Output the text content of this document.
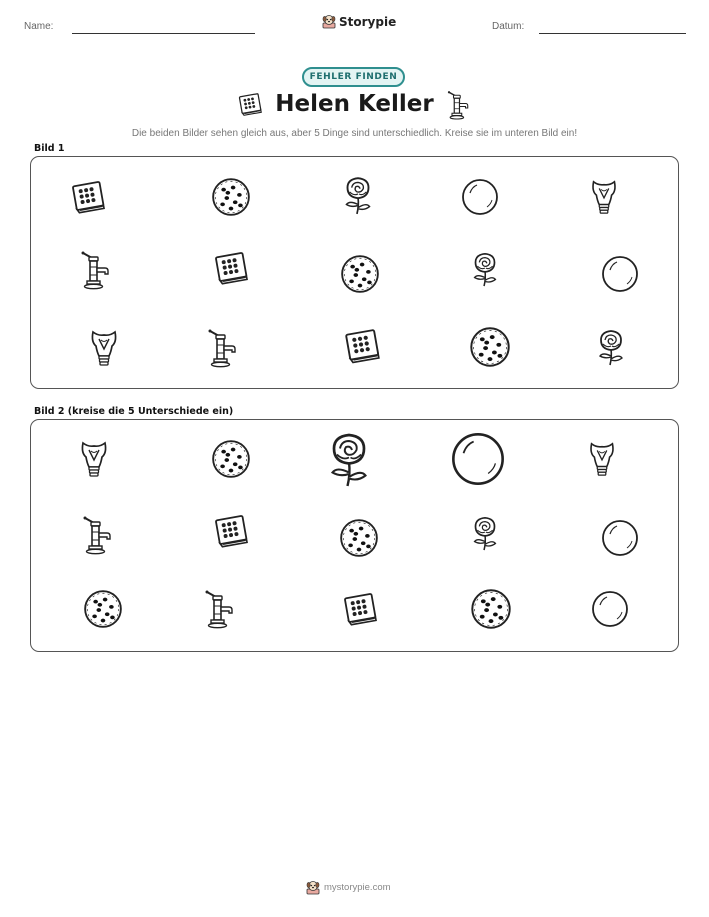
Name:	Datum:
Storypie
FEHLER FINDEN
Helen Keller
Die beiden Bilder sehen gleich aus, aber 5 Dinge sind unterschiedlich. Kreise sie im unteren Bild ein!
Bild 1
Bild 2 (kreise die 5 Unterschiede ein)
mystorypie.com
